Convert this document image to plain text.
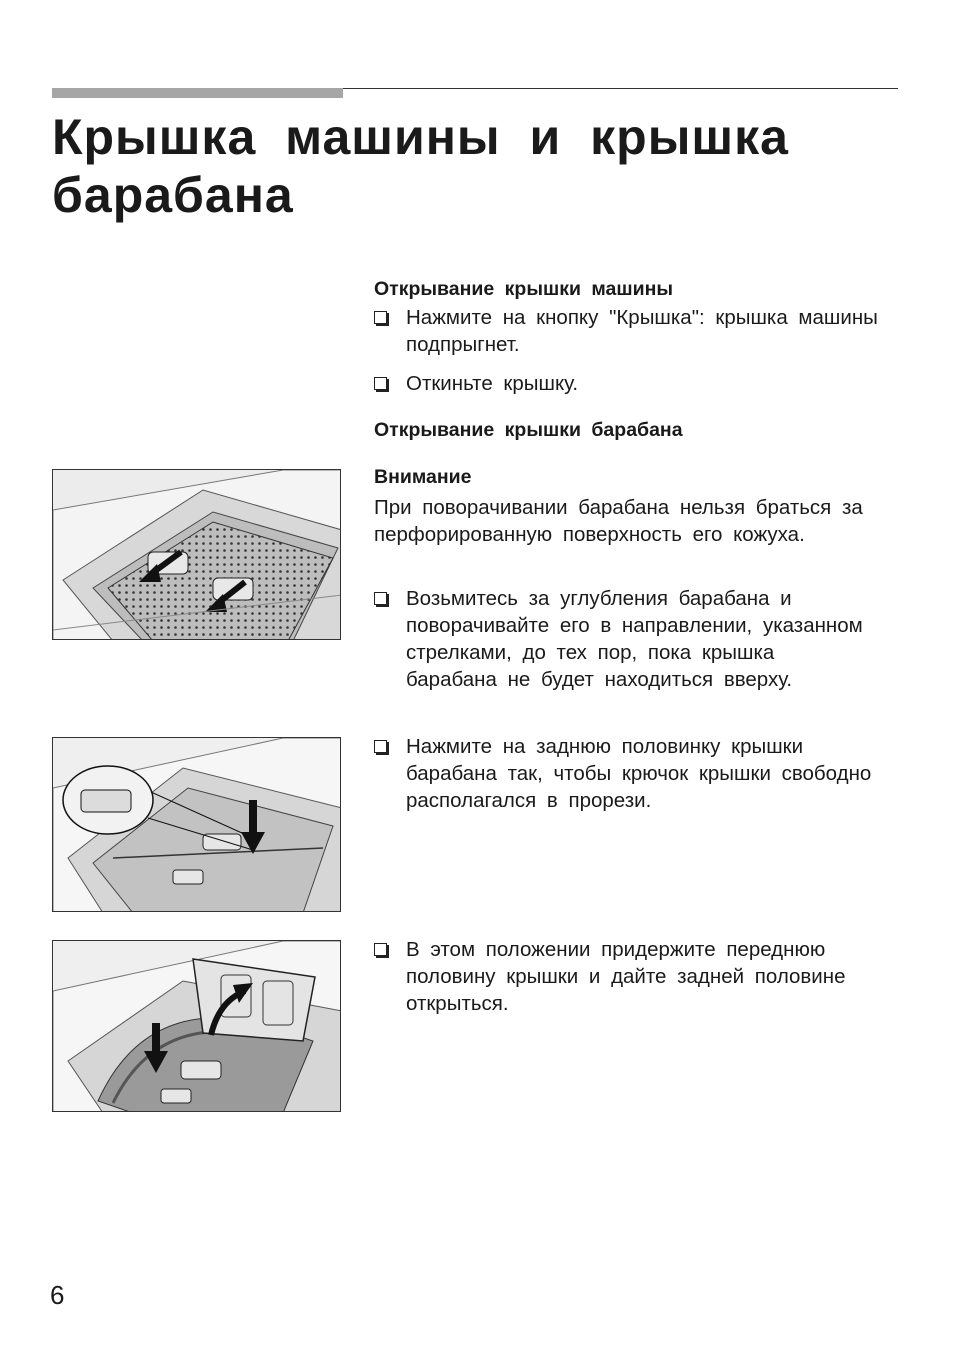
Крышка машины и крышка барабана
Открывание крышки машины
Нажмите на кнопку "Крышка": крышка машины подпрыгнет.
Откиньте крышку.
Открывание крышки барабана
Внимание
При поворачивании барабана нельзя браться за перфорированную поверхность его кожуха.
Возьмитесь за углубления барабана и поворачивайте его в направлении, указанном стрелками, до тех пор, пока крышка барабана не будет находиться вверху.
Нажмите на заднюю половинку крышки барабана так, чтобы крючок крышки свободно располагался в прорези.
В этом положении придержите переднюю половину крышки и дайте задней половине открыться.
6
